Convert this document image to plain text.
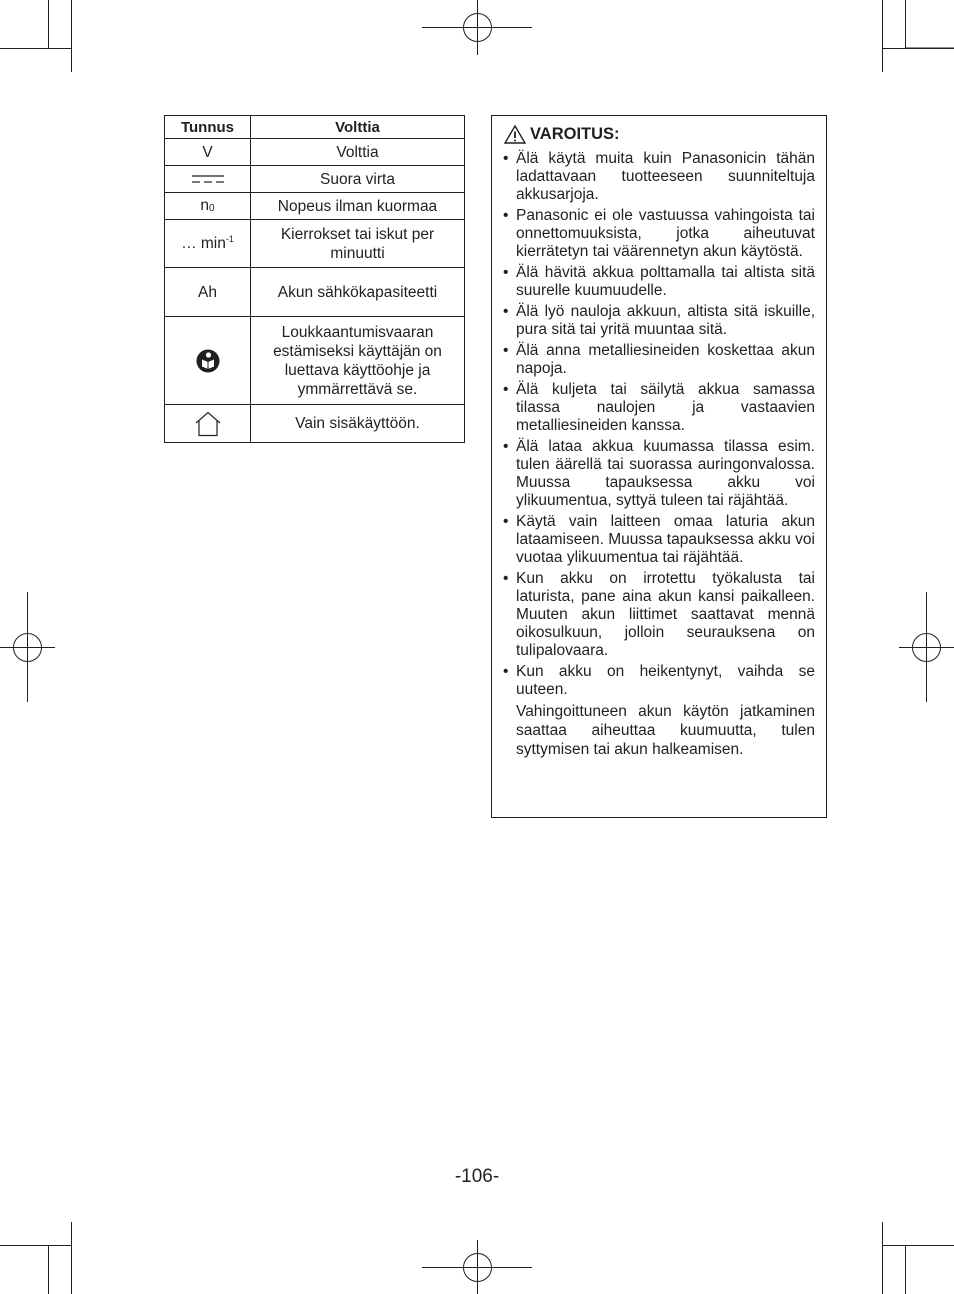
Tunnus	Volttia
V	Volttia
	Suora virta
$n_0$	Nopeus ilman kuormaa
… $\min^{-1}$	Kierrokset tai iskut per minuutti
Ah	Akun sähkökapasiteetti
	Loukkaantumisvaaran estämiseksi käyttäjän on luettava käyttöohje ja ymmärrettävä se.
	Vain sisäkäyttöön.
VAROITUS:
• Älä käytä muita kuin Panasonicin tähän ladattavaan tuotteeseen suunniteltuja akkusarjoja.
• Panasonic ei ole vastuussa vahingoista tai onnettomuuksista, jotka aiheutuvat kierrätetyn tai väärennetyn akun käytöstä.
• Älä hävitä akkua polttamalla tai altista sitä suurelle kuumuudelle.
• Älä lyö nauloja akkuun, altista sitä iskuille, pura sitä tai yritä muuntaa sitä.
• Älä anna metalliesineiden koskettaa akun napoja.
• Älä kuljeta tai säilytä akkua samassa tilassa naulojen ja vastaavien metalliesineiden kanssa.
• Älä lataa akkua kuumassa tilassa esim. tulen äärellä tai suorassa auringonvalossa. Muussa tapauksessa akku voi ylikuumentua, syttyä tuleen tai räjähtää.
• Käytä vain laitteen omaa laturia akun lataamiseen. Muussa tapauksessa akku voi vuotaa ylikuumentua tai räjähtää.
• Kun akku on irrotettu työkalusta tai laturista, pane aina akun kansi paikalleen. Muuten akun liittimet saattavat mennä oikosulkuun, jolloin seurauksena on tulipalovaara.
• Kun akku on heikentynyt, vaihda se uuteen.
Vahingoittuneen akun käytön jatkaminen saattaa aiheuttaa kuumuutta, tulen syttymisen tai akun halkeamisen.
-106-
